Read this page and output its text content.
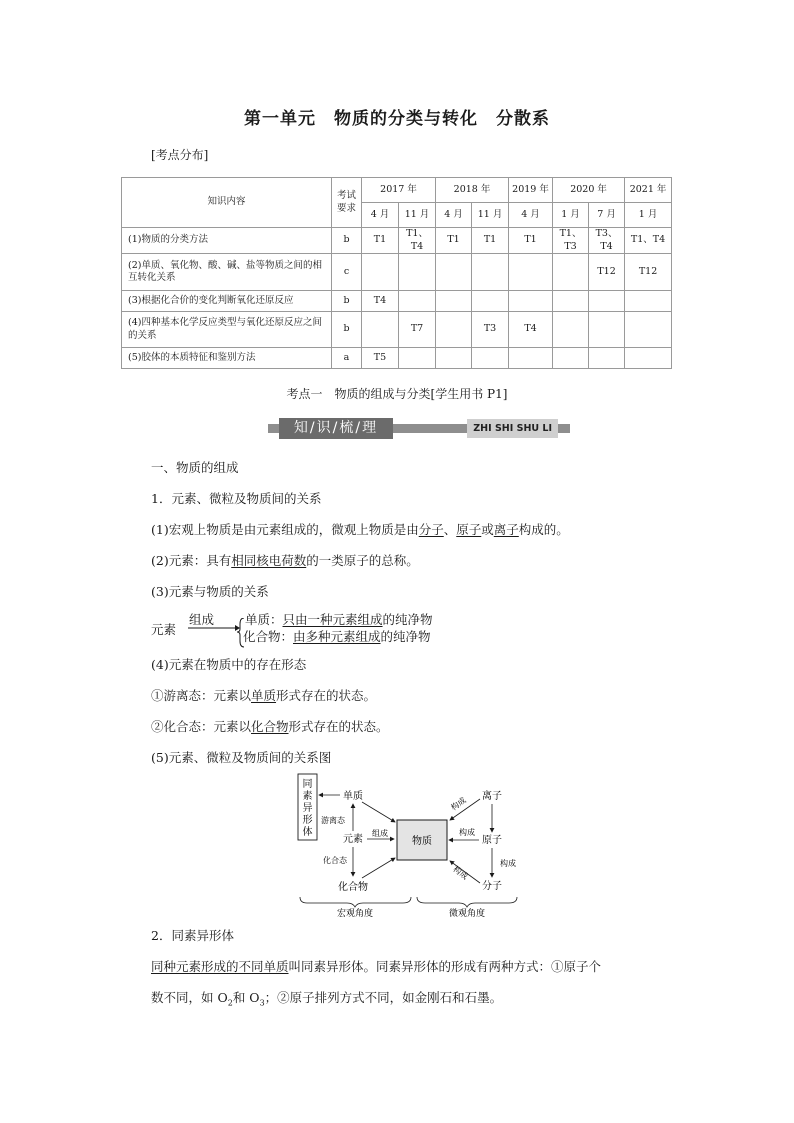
第一单元　物质的分类与转化　分散系
[考点分布]
知识内容	考试要求	2017 年		2018 年		2019 年	2020 年		2021 年
		4 月	11 月	4 月	11 月	4 月	1 月	7 月	1 月
(1)物质的分类方法	b	T1	T1、T4	T1	T1	T1	T1、T3	T3、T4	T1、T4
(2)单质、氧化物、酸、碱、盐等物质之间的相互转化关系	c							T12	T12
(3)根据化合价的变化判断氧化还原反应	b	T4							
(4)四种基本化学反应类型与氧化还原反应之间的关系	b		T7		T3	T4			
(5)胶体的本质特征和鉴别方法	a	T5							
考点一　物质的组成与分类[学生用书 P1]
知/识/梳/理	ZHI SHI SHU LI
一、物质的组成
1．元素、微粒及物质间的关系
(1)宏观上物质是由元素组成的，微观上物质是由分子、原子或离子构成的。
(2)元素：具有相同核电荷数的一类原子的总称。
(3)元素与物质的关系
元素
组成 单质：只由一种元素组成的纯净物
化合物：由多种元素组成的纯净物
(4)元素在物质中的存在形态
①游离态：元素以单质形式存在的状态。
②化合态：元素以化合物形式存在的状态。
(5)元素、微粒及物质间的关系图
同
素
异
形
体
单质
游离态
元素
组成
化合态
化合物
物质
离子
原子
分子
构成
构成
构成
构成
宏观角度	微观角度
2．同素异形体
同种元素形成的不同单质叫同素异形体。同素异形体的形成有两种方式：①原子个
数不同，如 $O_2$和 $O_3$；②原子排列方式不同，如金刚石和石墨。
